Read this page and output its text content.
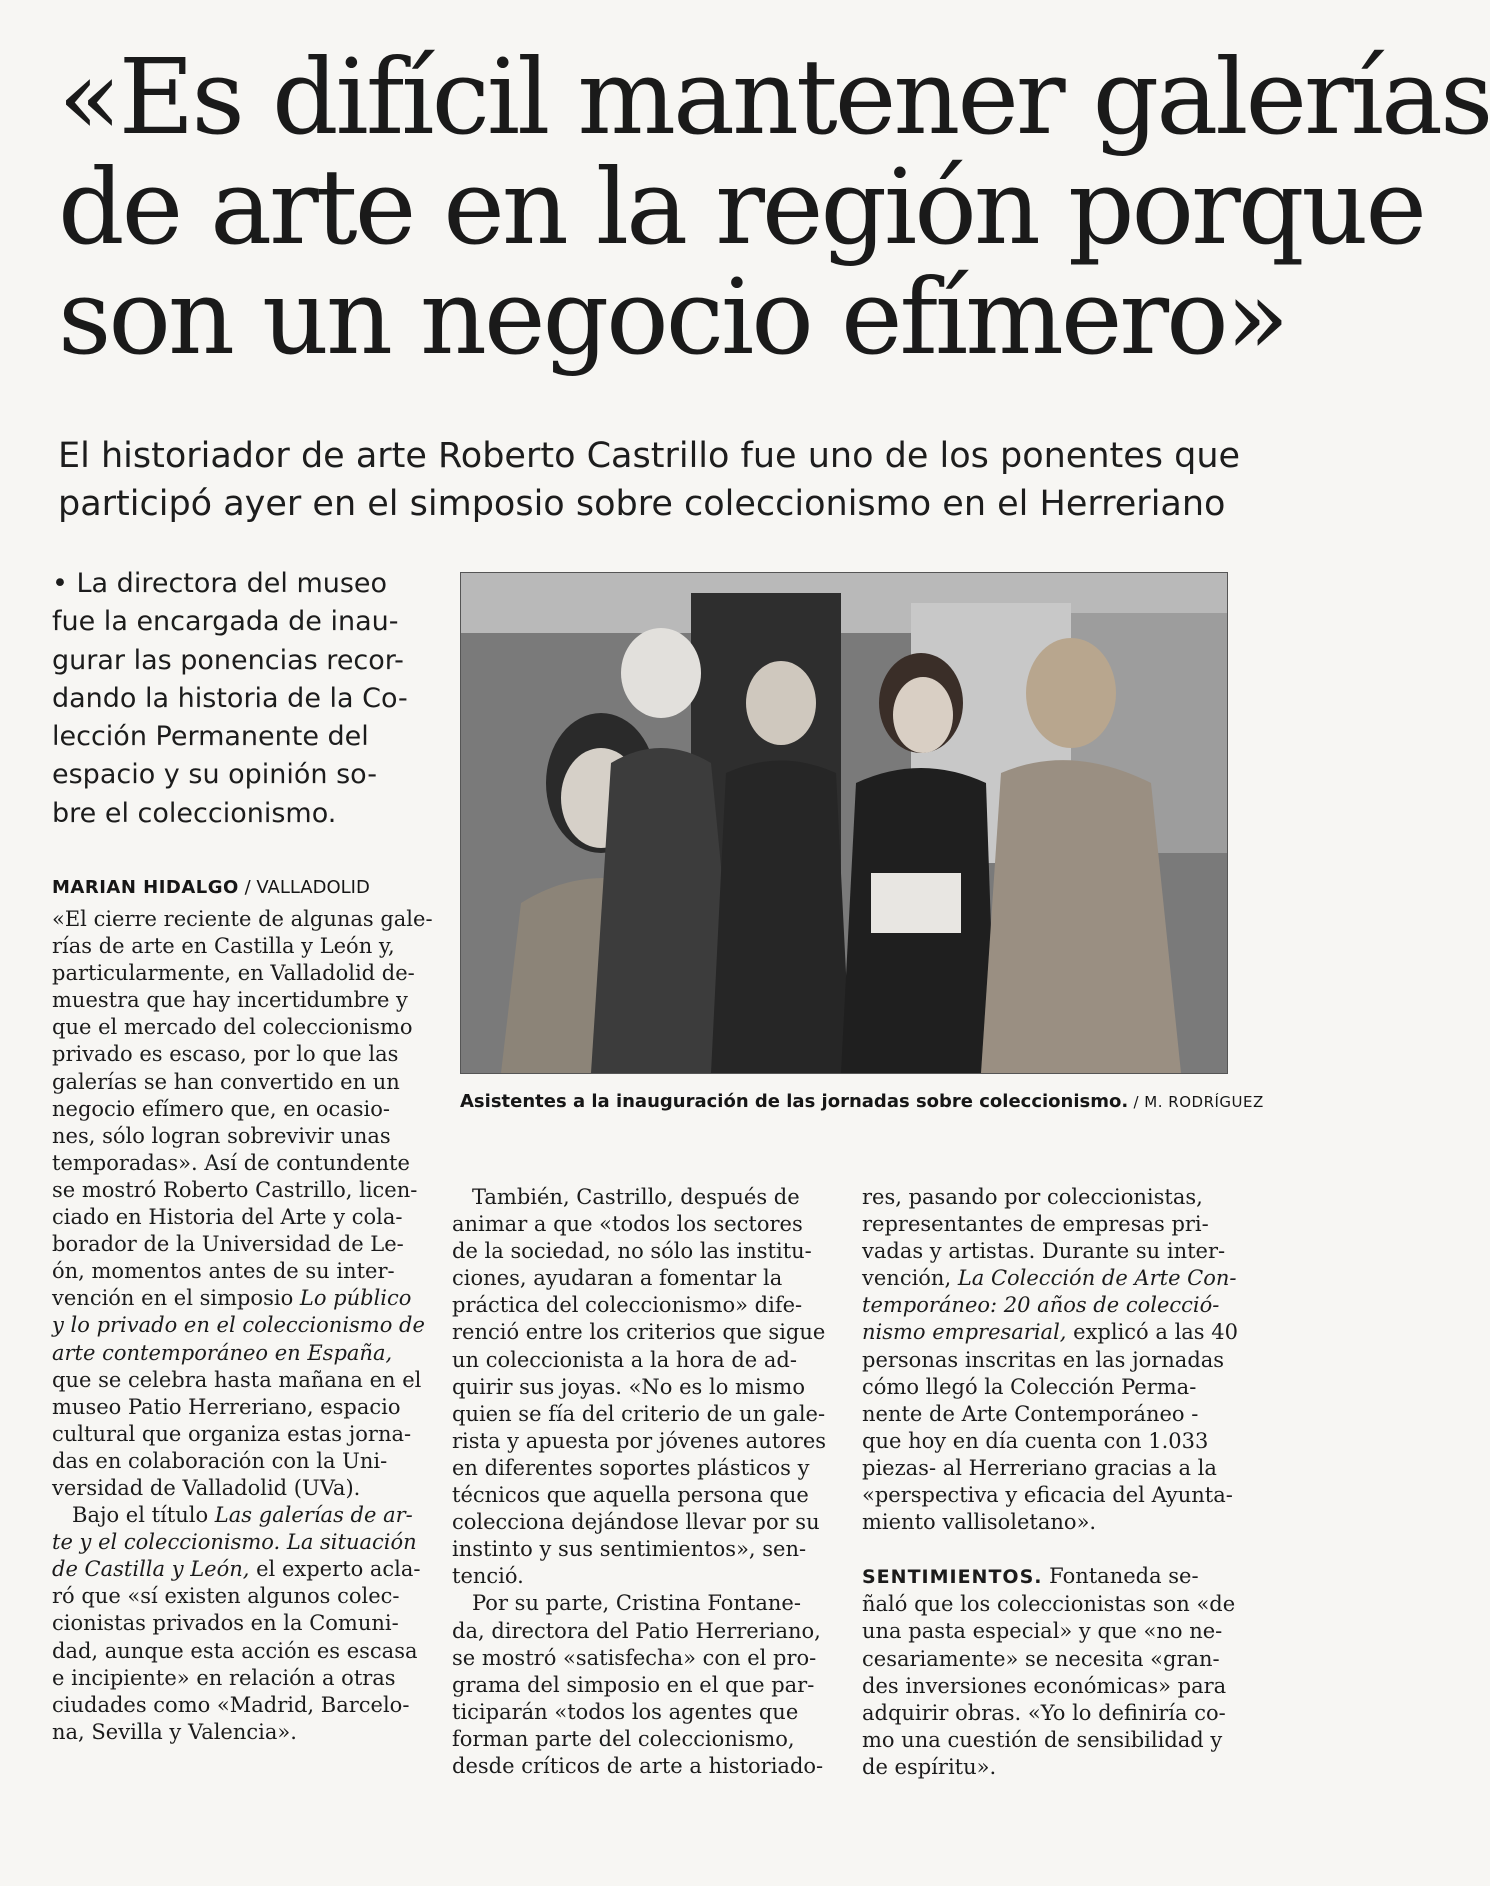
«Es difícil mantener galerías
de arte en la región porque
son un negocio efímero»
El historiador de arte Roberto Castrillo fue uno de los ponentes que
participó ayer en el simposio sobre coleccionismo en el Herreriano
• La directora del museo
fue la encargada de inau-
gurar las ponencias recor-
dando la historia de la Co-
lección Permanente del
espacio y su opinión so-
bre el coleccionismo.
Asistentes a la inauguración de las jornadas sobre coleccionismo. / M. RODRÍGUEZ
MARIAN HIDALGO / VALLADOLID
«El cierre reciente de algunas gale-
rías de arte en Castilla y León y,
particularmente, en Valladolid de-
muestra que hay incertidumbre y
que el mercado del coleccionismo
privado es escaso, por lo que las
galerías se han convertido en un
negocio efímero que, en ocasio-
nes, sólo logran sobrevivir unas
temporadas». Así de contundente
se mostró Roberto Castrillo, licen-
ciado en Historia del Arte y cola-
borador de la Universidad de Le-
ón, momentos antes de su inter-
vención en el simposio Lo público
y lo privado en el coleccionismo de
arte contemporáneo en España,
que se celebra hasta mañana en el
museo Patio Herreriano, espacio
cultural que organiza estas jorna-
das en colaboración con la Uni-
versidad de Valladolid (UVa).
Bajo el título Las galerías de ar-
te y el coleccionismo. La situación
de Castilla y León, el experto acla-
ró que «sí existen algunos colec-
cionistas privados en la Comuni-
dad, aunque esta acción es escasa
e incipiente» en relación a otras
ciudades como «Madrid, Barcelo-
na, Sevilla y Valencia».
También, Castrillo, después de
animar a que «todos los sectores
de la sociedad, no sólo las institu-
ciones, ayudaran a fomentar la
práctica del coleccionismo» dife-
renció entre los criterios que sigue
un coleccionista a la hora de ad-
quirir sus joyas. «No es lo mismo
quien se fía del criterio de un gale-
rista y apuesta por jóvenes autores
en diferentes soportes plásticos y
técnicos que aquella persona que
colecciona dejándose llevar por su
instinto y sus sentimientos», sen-
tenció.
Por su parte, Cristina Fontane-
da, directora del Patio Herreriano,
se mostró «satisfecha» con el pro-
grama del simposio en el que par-
ticiparán «todos los agentes que
forman parte del coleccionismo,
desde críticos de arte a historiado-
res, pasando por coleccionistas,
representantes de empresas pri-
vadas y artistas. Durante su inter-
vención, La Colección de Arte Con-
temporáneo: 20 años de colecció-
nismo empresarial, explicó a las 40
personas inscritas en las jornadas
cómo llegó la Colección Perma-
nente de Arte Contemporáneo -
que hoy en día cuenta con 1.033
piezas- al Herreriano gracias a la
«perspectiva y eficacia del Ayunta-
miento vallisoletano».
SENTIMIENTOS. Fontaneda se-
ñaló que los coleccionistas son «de
una pasta especial» y que «no ne-
cesariamente» se necesita «gran-
des inversiones económicas» para
adquirir obras. «Yo lo definiría co-
mo una cuestión de sensibilidad y
de espíritu».
